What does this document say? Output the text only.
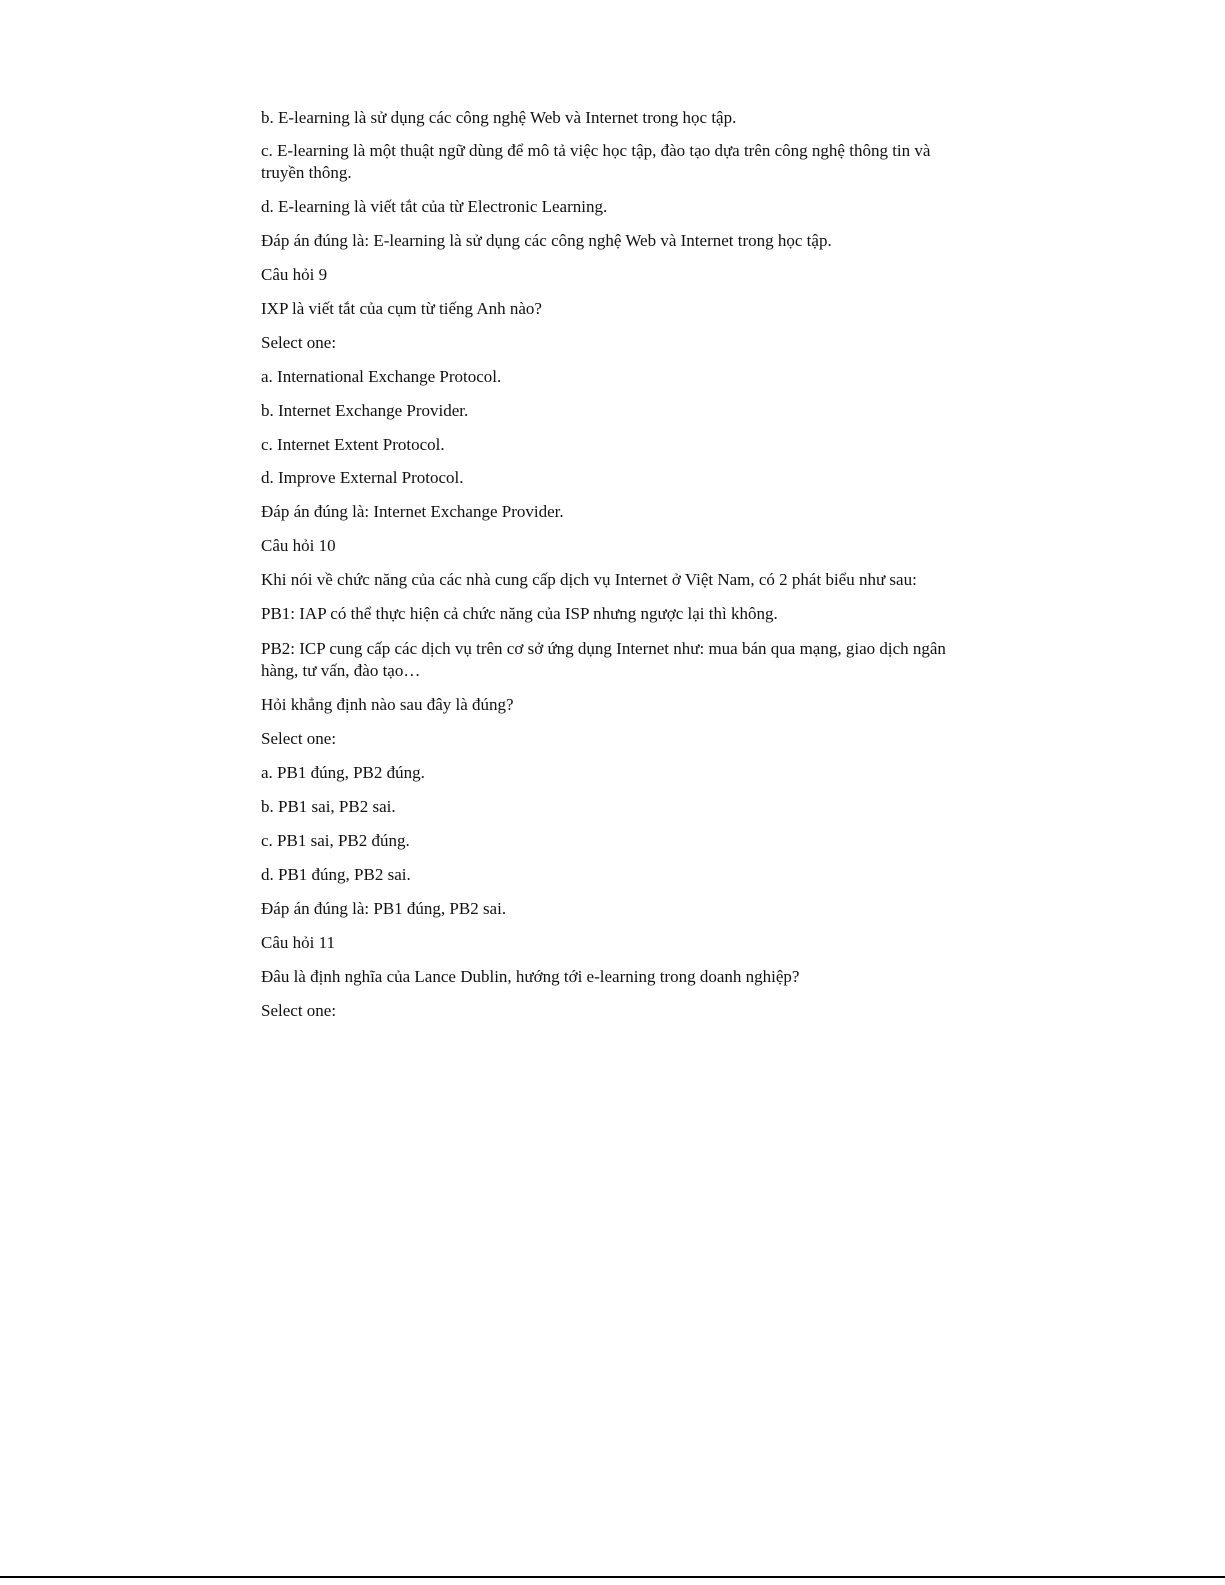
b. E-learning là sử dụng các công nghệ Web và Internet trong học tập.
c. E-learning là một thuật ngữ dùng để mô tả việc học tập, đào tạo dựa trên công nghệ thông tin và truyền thông.
d. E-learning là viết tắt của từ Electronic Learning.
Đáp án đúng là: E-learning là sử dụng các công nghệ Web và Internet trong học tập.
Câu hỏi 9
IXP là viết tắt của cụm từ tiếng Anh nào?
Select one:
a. International Exchange Protocol.
b. Internet Exchange Provider.
c. Internet Extent Protocol.
d. Improve External Protocol.
Đáp án đúng là: Internet Exchange Provider.
Câu hỏi 10
Khi nói về chức năng của các nhà cung cấp dịch vụ Internet ở Việt Nam, có 2 phát biểu như sau:
PB1: IAP có thể thực hiện cả chức năng của ISP nhưng ngược lại thì không.
PB2: ICP cung cấp các dịch vụ trên cơ sở ứng dụng Internet như: mua bán qua mạng, giao dịch ngân hàng, tư vấn, đào tạo…
Hỏi khẳng định nào sau đây là đúng?
Select one:
a. PB1 đúng, PB2 đúng.
b. PB1 sai, PB2 sai.
c. PB1 sai, PB2 đúng.
d. PB1 đúng, PB2 sai.
Đáp án đúng là: PB1 đúng, PB2 sai.
Câu hỏi 11
Đâu là định nghĩa của Lance Dublin, hướng tới e-learning trong doanh nghiệp?
Select one:
